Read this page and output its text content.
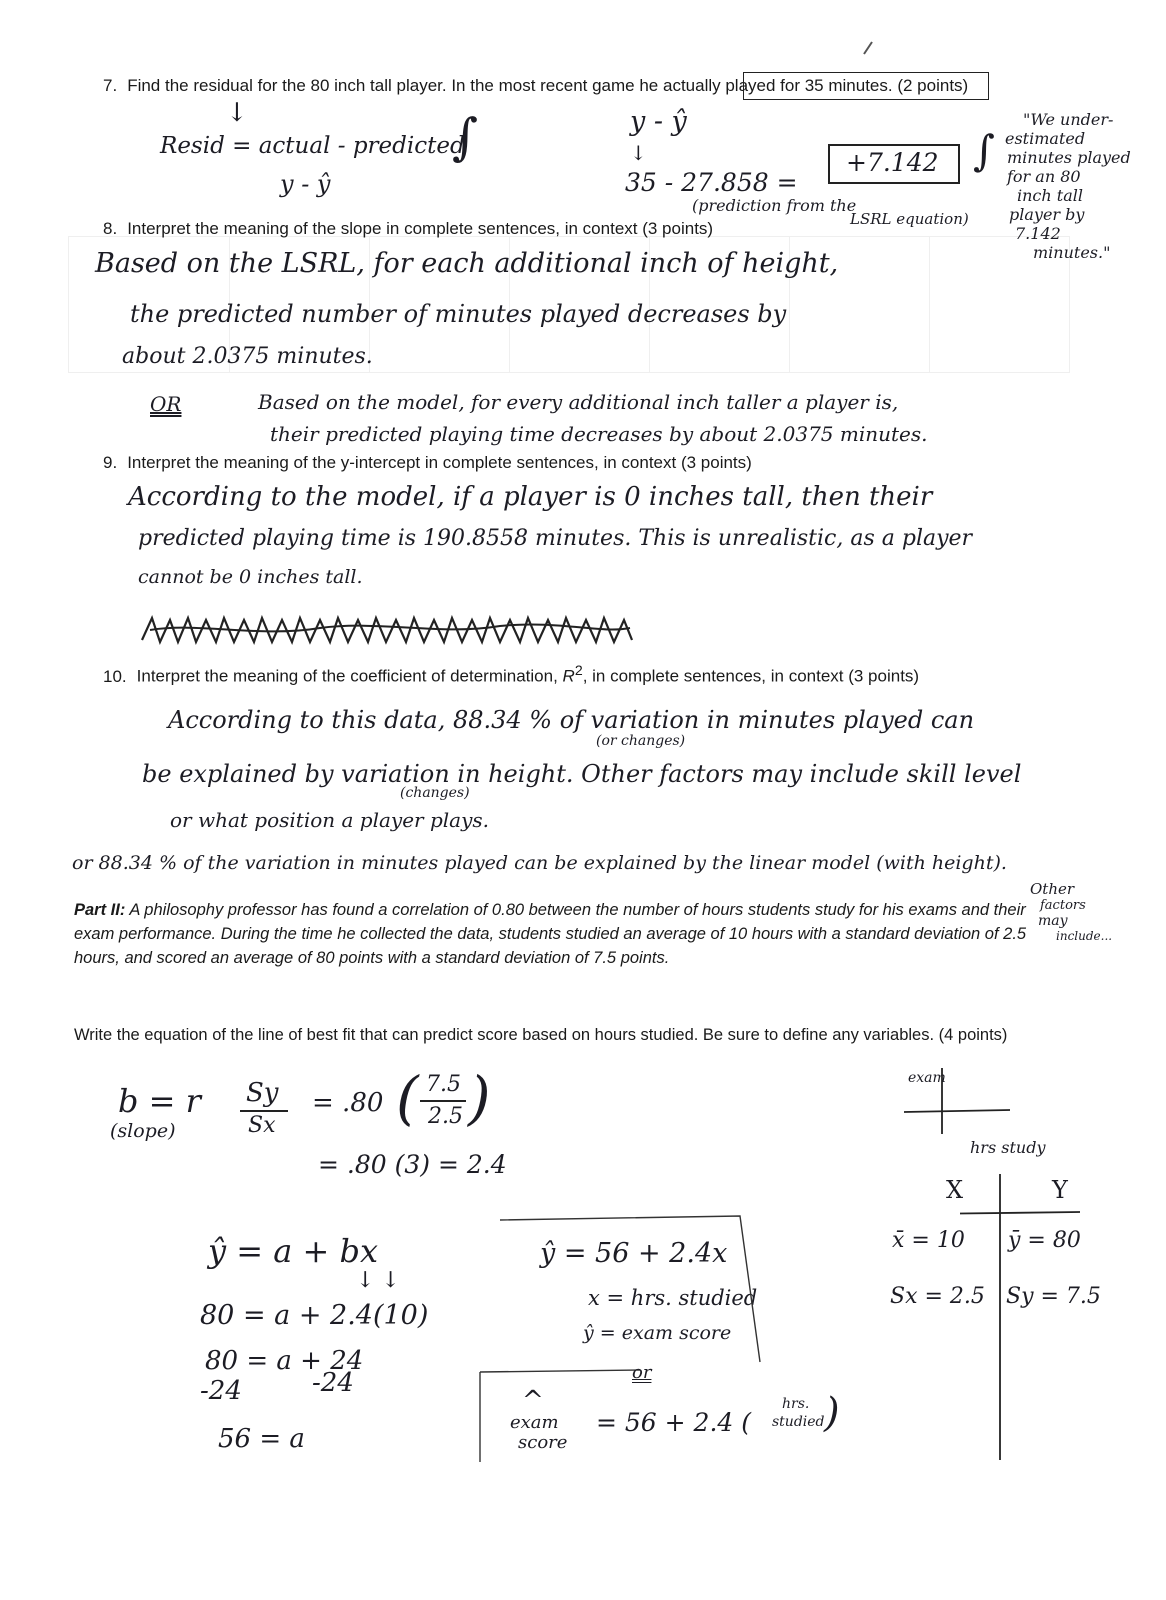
7. Find the residual for the 80 inch tall player. In the most recent game he actually played for 35 minutes. (2 points)
↓
Resid = actual - predicted
y - ŷ
∫	y - ŷ
↓
35 - 27.858 =
+7.142 ∫
(prediction from the
LSRL equation)
"We under-
estimated
minutes played
for an 80
inch tall
player by
7.142
minutes."
8. Interpret the meaning of the slope in complete sentences, in context (3 points)
Based on the LSRL, for each additional inch of height,
the predicted number of minutes played decreases by
about 2.0375 minutes.
OR	Based on the model, for every additional inch taller a player is,
their predicted playing time decreases by about 2.0375 minutes.
9. Interpret the meaning of the y-intercept in complete sentences, in context (3 points)
According to the model, if a player is 0 inches tall, then their
predicted playing time is 190.8558 minutes. This is unrealistic, as a player
cannot be 0 inches tall.
10. Interpret the meaning of the coefficient of determination, $R^2$, in complete sentences, in context (3 points)
According to this data, 88.34 % of variation in minutes played can
(or changes)
be explained by variation in height. Other factors may include skill level
(changes)
or what position a player plays.
or 88.34 % of the variation in minutes played can be explained by the linear model (with height).
Other
factors
may
include...
Part II: A philosophy professor has found a correlation of 0.80 between the number of hours students study for his exams and their exam performance. During the time he collected the data, students studied an average of 10 hours with a standard deviation of 2.5 hours, and scored an average of 80 points with a standard deviation of 7.5 points.
Write the equation of the line of best fit that can predict score based on hours studied. Be sure to define any variables. (4 points)
b = r
(slope)
Sy
Sx
= .80 ( 7.5
2.5 )
= .80 (3) = 2.4
ŷ = a + bx
↓ ↓
80 = a + 2.4(10)
80 = a + 24
-24	-24
56 = a
ŷ = 56 + 2.4x
x = hrs. studied
ŷ = exam score
or
^
exam
score
= 56 + 2.4 (
hrs.
studied )
exam
hrs study
X	Y
x̄ = 10 ȳ = 80
Sx = 2.5 Sy = 7.5
